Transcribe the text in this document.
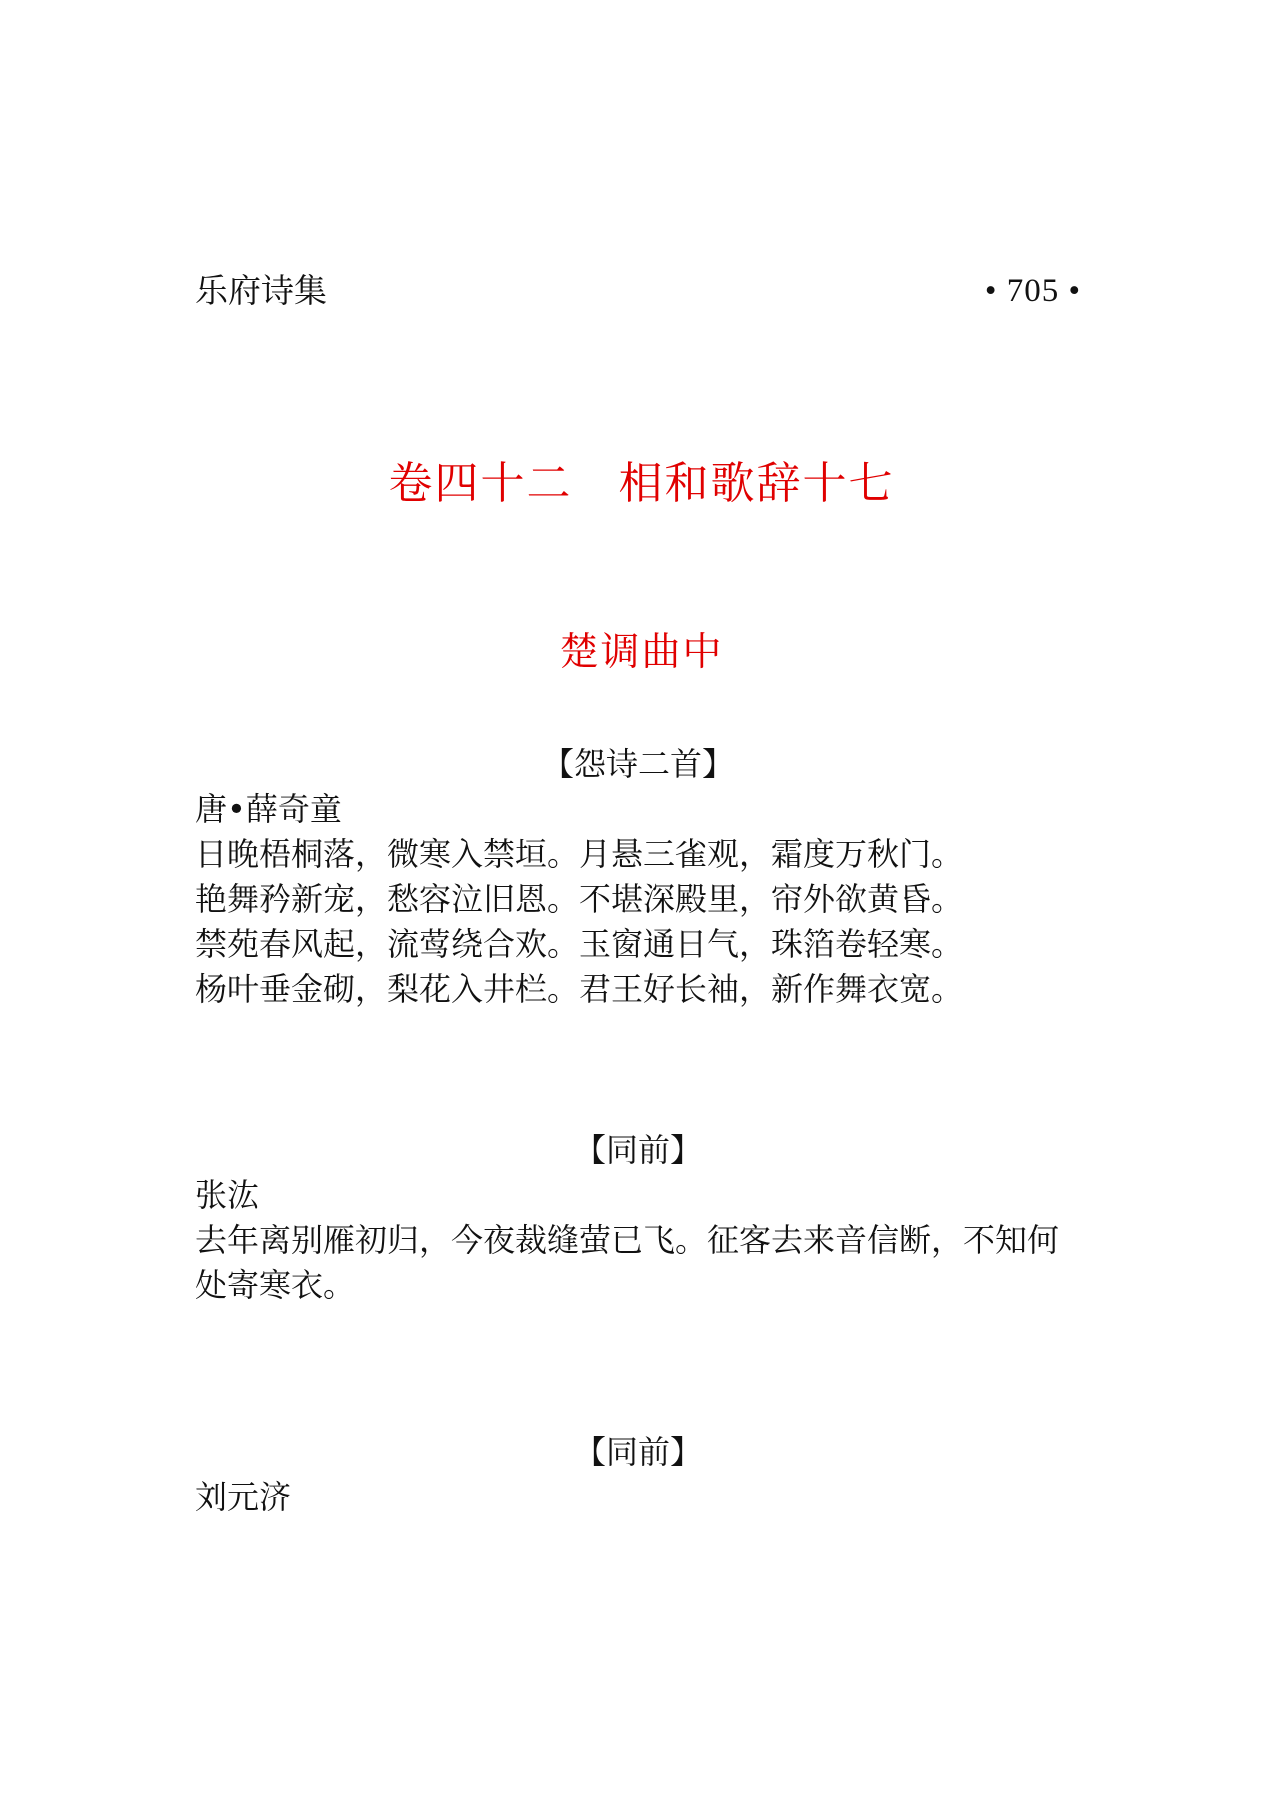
乐府诗集	• 705 •
卷四十二　相和歌辞十七
楚调曲中
【怨诗二首】
唐•薛奇童
日晚梧桐落，微寒入禁垣。月悬三雀观，霜度万秋门。
艳舞矜新宠，愁容泣旧恩。不堪深殿里，帘外欲黄昏。
禁苑春风起，流莺绕合欢。玉窗通日气，珠箔卷轻寒。
杨叶垂金砌，梨花入井栏。君王好长袖，新作舞衣宽。
【同前】
张汯
去年离别雁初归，今夜裁缝萤已飞。征客去来音信断，不知何
处寄寒衣。
【同前】
刘元济
